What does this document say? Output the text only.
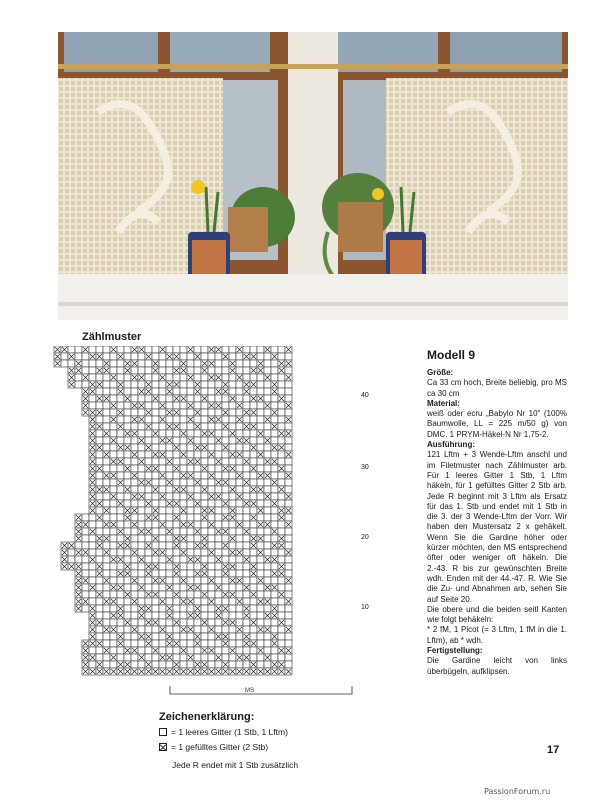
Zählmuster
10
20
30
40
MS
Zeichenerklärung:
= 1 leeres Gitter (1 Stb, 1 Lftm)
= 1 gefülltes Gitter (2 Stb)
Jede R endet mit 1 Stb zusätzlich
Modell 9
Größe:

Ca 33 cm hoch, Breite beliebig, pro MS ca 30 cm

Material:

weiß oder ecru „Babylo Nr 10" (100% Baumwolle, LL = 225 m/50 g) von DMC. 1 PRYM-Häkel-N Nr 1,75-2.

Ausführung:

121 Lftm + 3 Wende-Lftm anschl und im Filetmuster nach Zählmuster arb. Für 1 leeres Gitter 1 Stb, 1 Lftm häkeln, für 1 gefülltes Gitter 2 Stb arb. Jede R beginnt mit 3 Lftm als Ersatz für das 1. Stb und endet mit 1 Stb in die 3. der 3 Wende-Lftm der Vorr. Wir haben den Mustersatz 2 x gehäkelt. Wenn Sie die Gardine höher oder kürzer möchten, den MS entsprechend öfter oder weniger oft häkeln. Die 2.-43. R bis zur gewünschten Breite wdh. Enden mit der 44.-47. R. Wie Sie die Zu- und Abnahmen arb, sehen Sie auf Seite 20.

Die obere und die beiden seitl Kanten wie folgt behäkeln:

* 2 fM, 1 Picot (= 3 Lftm, 1 fM in die 1. Lftm), ab * wdh.

Fertigstellung:

Die Gardine leicht von links überbügeln, aufklipsen.

17
PassionForum.ru
